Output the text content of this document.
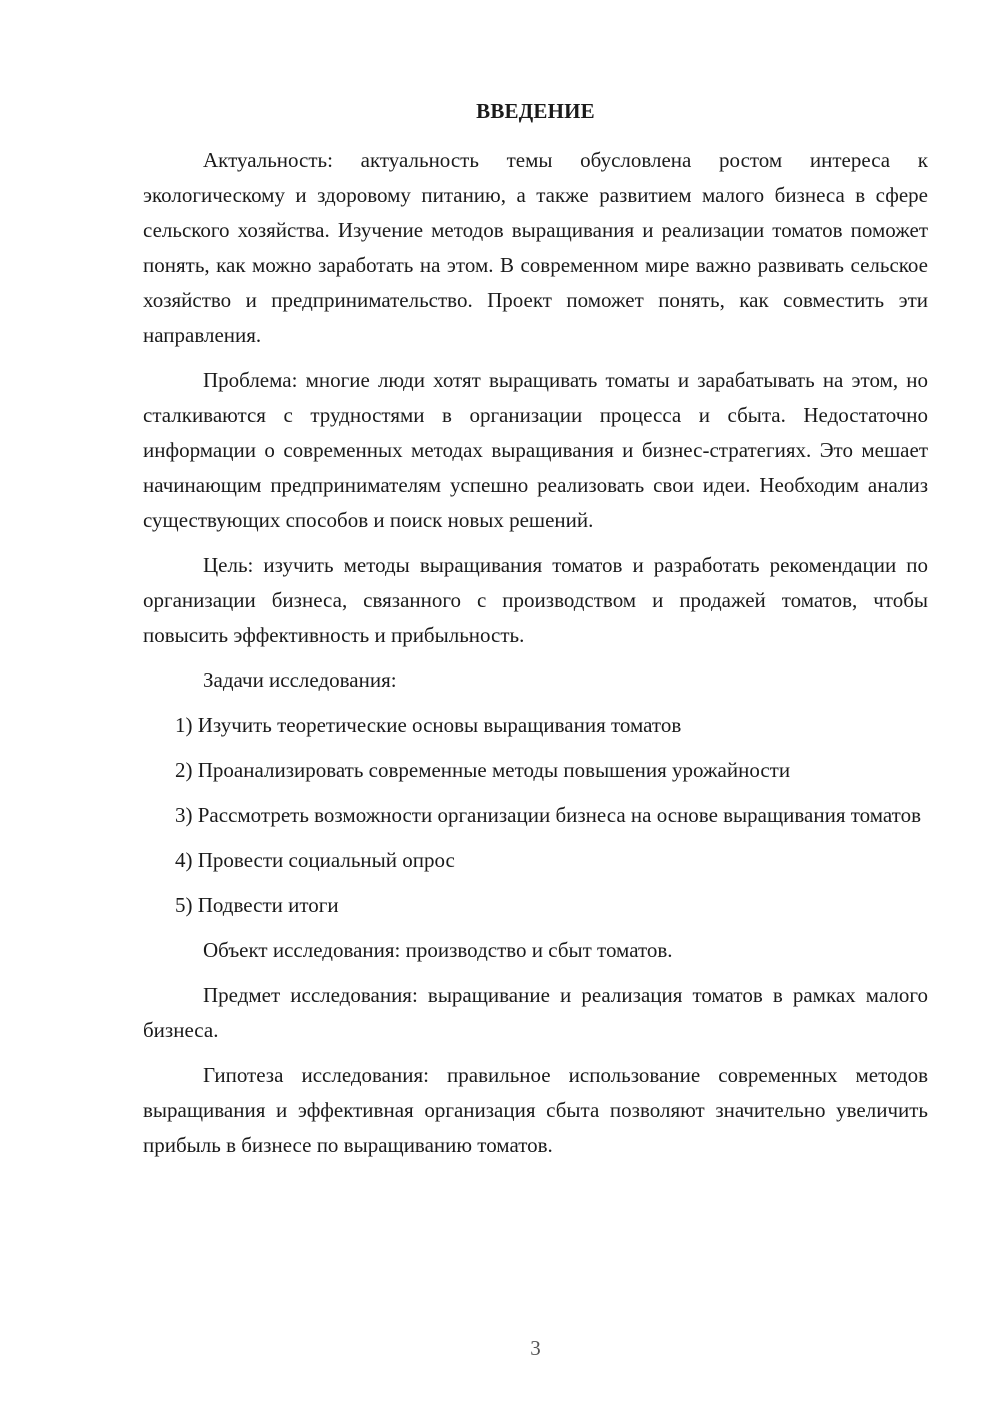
ВВЕДЕНИЕ

Актуальность: актуальность темы обусловлена ростом интереса к экологическому и здоровому питанию, а также развитием малого бизнеса в сфере сельского хозяйства. Изучение методов выращивания и реализации томатов поможет понять, как можно заработать на этом. В современном мире важно развивать сельское хозяйство и предпринимательство. Проект поможет понять, как совместить эти направления.

Проблема: многие люди хотят выращивать томаты и зарабатывать на этом, но сталкиваются с трудностями в организации процесса и сбыта. Недостаточно информации о современных методах выращивания и бизнес-стратегиях. Это мешает начинающим предпринимателям успешно реализовать свои идеи. Необходим анализ существующих способов и поиск новых решений.

Цель: изучить методы выращивания томатов и разработать рекомендации по организации бизнеса, связанного с производством и продажей томатов, чтобы повысить эффективность и прибыльность.

Задачи исследования:

1) Изучить теоретические основы выращивания томатов

2) Проанализировать современные методы повышения урожайности

3) Рассмотреть возможности организации бизнеса на основе выращивания томатов

4) Провести социальный опрос

5) Подвести итоги

Объект исследования: производство и сбыт томатов.

Предмет исследования: выращивание и реализация томатов в рамках малого бизнеса.

Гипотеза исследования: правильное использование современных методов выращивания и эффективная организация сбыта позволяют значительно увеличить прибыль в бизнесе по выращиванию томатов.

3
